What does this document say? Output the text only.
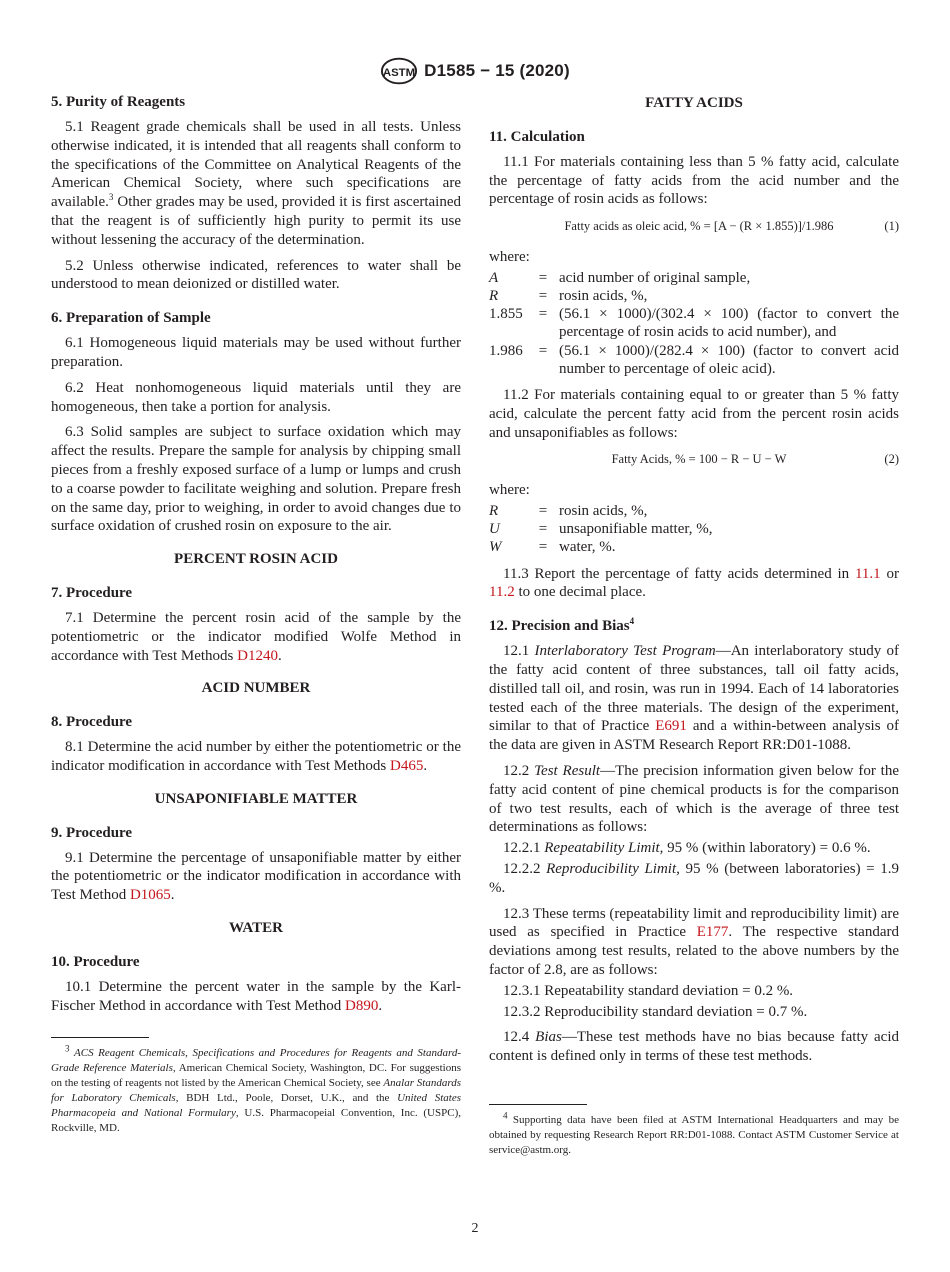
ASTM D1585 − 15 (2020)
5. Purity of Reagents

5.1 Reagent grade chemicals shall be used in all tests. Unless otherwise indicated, it is intended that all reagents shall conform to the specifications of the Committee on Analytical Reagents of the American Chemical Society, where such specifications are available.$^3$ Other grades may be used, provided it is first ascertained that the reagent is of sufficiently high purity to permit its use without lessening the accuracy of the determination.

5.2 Unless otherwise indicated, references to water shall be understood to mean deionized or distilled water.

6. Preparation of Sample

6.1 Homogeneous liquid materials may be used without further preparation.

6.2 Heat nonhomogeneous liquid materials until they are homogeneous, then take a portion for analysis.

6.3 Solid samples are subject to surface oxidation which may affect the results. Prepare the sample for analysis by chipping small pieces from a freshly exposed surface of a lump or lumps and crush to a coarse powder to facilitate weighing and solution. Prepare fresh on the same day, prior to weighing, in order to avoid changes due to surface oxidation of crushed rosin on exposure to the air.

PERCENT ROSIN ACID
7. Procedure

7.1 Determine the percent rosin acid of the sample by the potentiometric or the indicator modified Wolfe Method in accordance with Test Methods D1240.

ACID NUMBER
8. Procedure

8.1 Determine the acid number by either the potentiometric or the indicator modification in accordance with Test Methods D465.

UNSAPONIFIABLE MATTER
9. Procedure

9.1 Determine the percentage of unsaponifiable matter by either the potentiometric or the indicator modification in accordance with Test Method D1065.

WATER
10. Procedure

10.1 Determine the percent water in the sample by the Karl-Fischer Method in accordance with Test Method D890.

$^3$ ACS Reagent Chemicals, Specifications and Procedures for Reagents and Standard-Grade Reference Materials, American Chemical Society, Washington, DC. For suggestions on the testing of reagents not listed by the American Chemical Society, see Analar Standards for Laboratory Chemicals, BDH Ltd., Poole, Dorset, U.K., and the United States Pharmacopeia and National Formulary, U.S. Pharmacopeial Convention, Inc. (USPC), Rockville, MD.
FATTY ACIDS
11. Calculation

11.1 For materials containing less than 5 % fatty acid, calculate the percentage of fatty acids from the acid number and the percentage of rosin acids as follows:

Fatty acids as oleic acid, % = [A − (R × 1.855)]/1.986	(1)

where:

A	=	acid number of original sample,
R	=	rosin acids, %,
1.855	=	(56.1 × 1000)/(302.4 × 100) (factor to convert the percentage of rosin acids to acid number), and
1.986	=	(56.1 × 1000)/(282.4 × 100) (factor to convert acid number to percentage of oleic acid).

11.2 For materials containing equal to or greater than 5 % fatty acid, calculate the percent fatty acid from the percent rosin acids and unsaponifiables as follows:

Fatty Acids, % = 100 − R − U − W	(2)

where:

R	=	rosin acids, %,
U	=	unsaponifiable matter, %,
W	=	water, %.

11.3 Report the percentage of fatty acids determined in 11.1 or 11.2 to one decimal place.

12. Precision and Bias$^4$

12.1 Interlaboratory Test Program—An interlaboratory study of the fatty acid content of three substances, tall oil fatty acids, distilled tall oil, and rosin, was run in 1994. Each of 14 laboratories tested each of the three materials. The design of the experiment, similar to that of Practice E691 and a within-between analysis of the data are given in ASTM Research Report RR:D01-1088.

12.2 Test Result—The precision information given below for the fatty acid content of pine chemical products is for the comparison of two test results, each of which is the average of three test determinations as follows:

12.2.1 Repeatability Limit, 95 % (within laboratory) = 0.6 %.

12.2.2 Reproducibility Limit, 95 % (between laboratories) = 1.9 %.

12.3 These terms (repeatability limit and reproducibility limit) are used as specified in Practice E177. The respective standard deviations among test results, related to the above numbers by the factor of 2.8, are as follows:

12.3.1 Repeatability standard deviation = 0.2 %.

12.3.2 Reproducibility standard deviation = 0.7 %.

12.4 Bias—These test methods have no bias because fatty acid content is defined only in terms of these test methods.

$^4$ Supporting data have been filed at ASTM International Headquarters and may be obtained by requesting Research Report RR:D01-1088. Contact ASTM Customer Service at service@astm.org.
2
